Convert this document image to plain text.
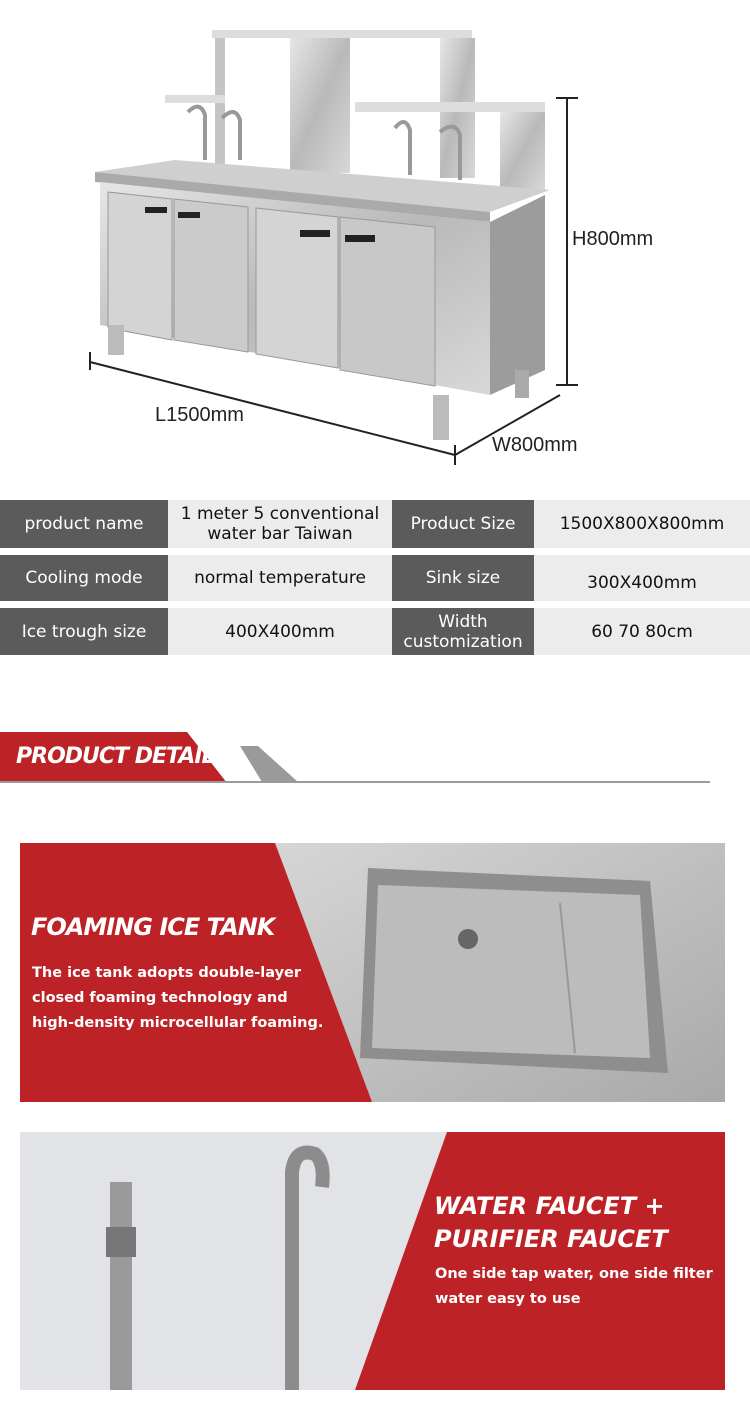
H800mm
L1500mm
W800mm
product name	1 meter 5 conventional water bar Taiwan	Product Size	1500X800X800mm
Cooling mode	normal temperature	Sink size	300X400mm
Ice trough size	400X400mm	Width customization	60 70 80cm
PRODUCT DETAILS
FOAMING ICE TANK
The ice tank adopts double-layer closed foaming technology and high-density microcellular foaming.
WATER FAUCET + PURIFIER FAUCET
One side tap water, one side filter water easy to use
